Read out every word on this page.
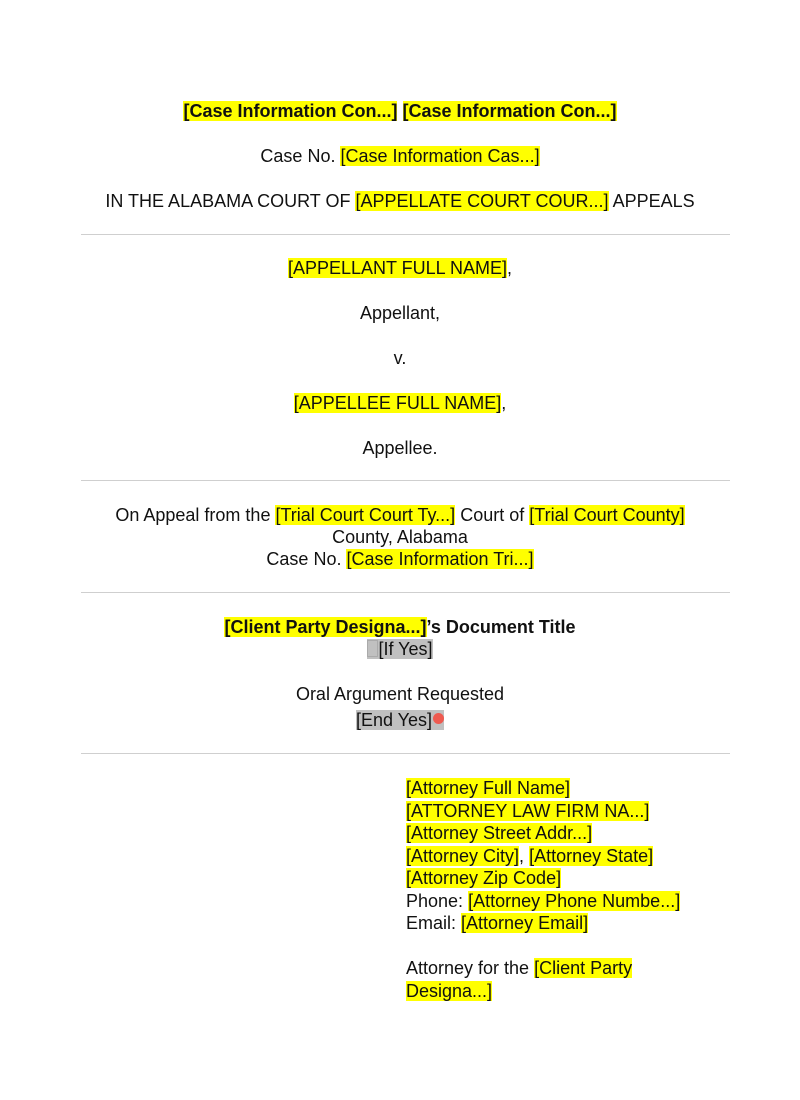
[Case Information Con...] [Case Information Con...]
Case No. [Case Information Cas...]
IN THE ALABAMA COURT OF [APPELLATE COURT COUR...] APPEALS
[APPELLANT FULL NAME],
Appellant,
v.
[APPELLEE FULL NAME],
Appellee.
On Appeal from the [Trial Court Court Ty...] Court of [Trial Court County]
County, Alabama
Case No. [Case Information Tri...]
[Client Party Designa...]’s Document Title
[If Yes]
Oral Argument Requested
[End Yes]
[Attorney Full Name]
[ATTORNEY LAW FIRM NA...]
[Attorney Street Addr...]
[Attorney City], [Attorney State]
[Attorney Zip Code]
Phone: [Attorney Phone Numbe...]
Email: [Attorney Email]
Attorney for the [Client Party
Designa...]
